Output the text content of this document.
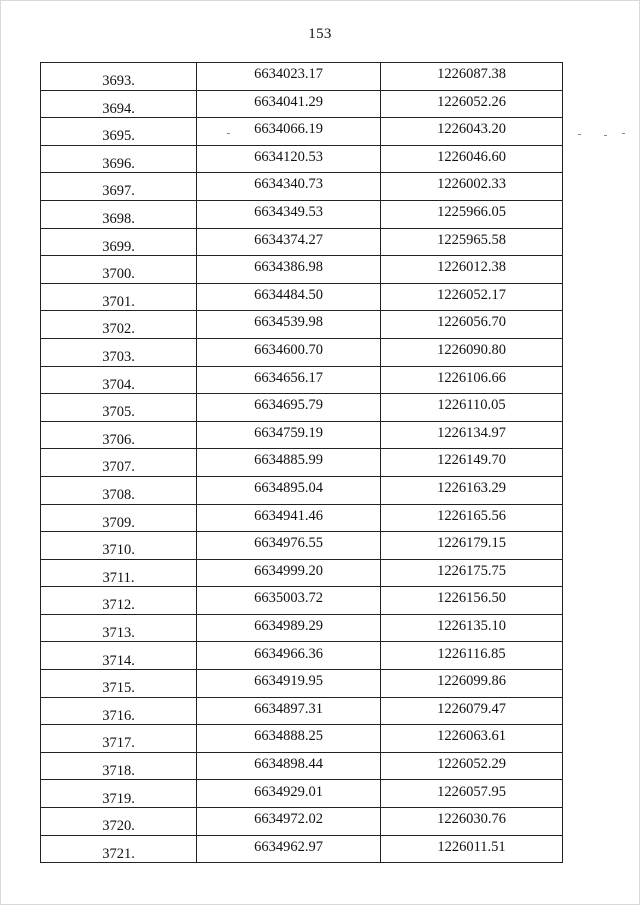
153
3693.	6634023.17	1226087.38
3694.	6634041.29	1226052.26
3695.	6634066.19	1226043.20
3696.	6634120.53	1226046.60
3697.	6634340.73	1226002.33
3698.	6634349.53	1225966.05
3699.	6634374.27	1225965.58
3700.	6634386.98	1226012.38
3701.	6634484.50	1226052.17
3702.	6634539.98	1226056.70
3703.	6634600.70	1226090.80
3704.	6634656.17	1226106.66
3705.	6634695.79	1226110.05
3706.	6634759.19	1226134.97
3707.	6634885.99	1226149.70
3708.	6634895.04	1226163.29
3709.	6634941.46	1226165.56
3710.	6634976.55	1226179.15
3711.	6634999.20	1226175.75
3712.	6635003.72	1226156.50
3713.	6634989.29	1226135.10
3714.	6634966.36	1226116.85
3715.	6634919.95	1226099.86
3716.	6634897.31	1226079.47
3717.	6634888.25	1226063.61
3718.	6634898.44	1226052.29
3719.	6634929.01	1226057.95
3720.	6634972.02	1226030.76
3721.	6634962.97	1226011.51
